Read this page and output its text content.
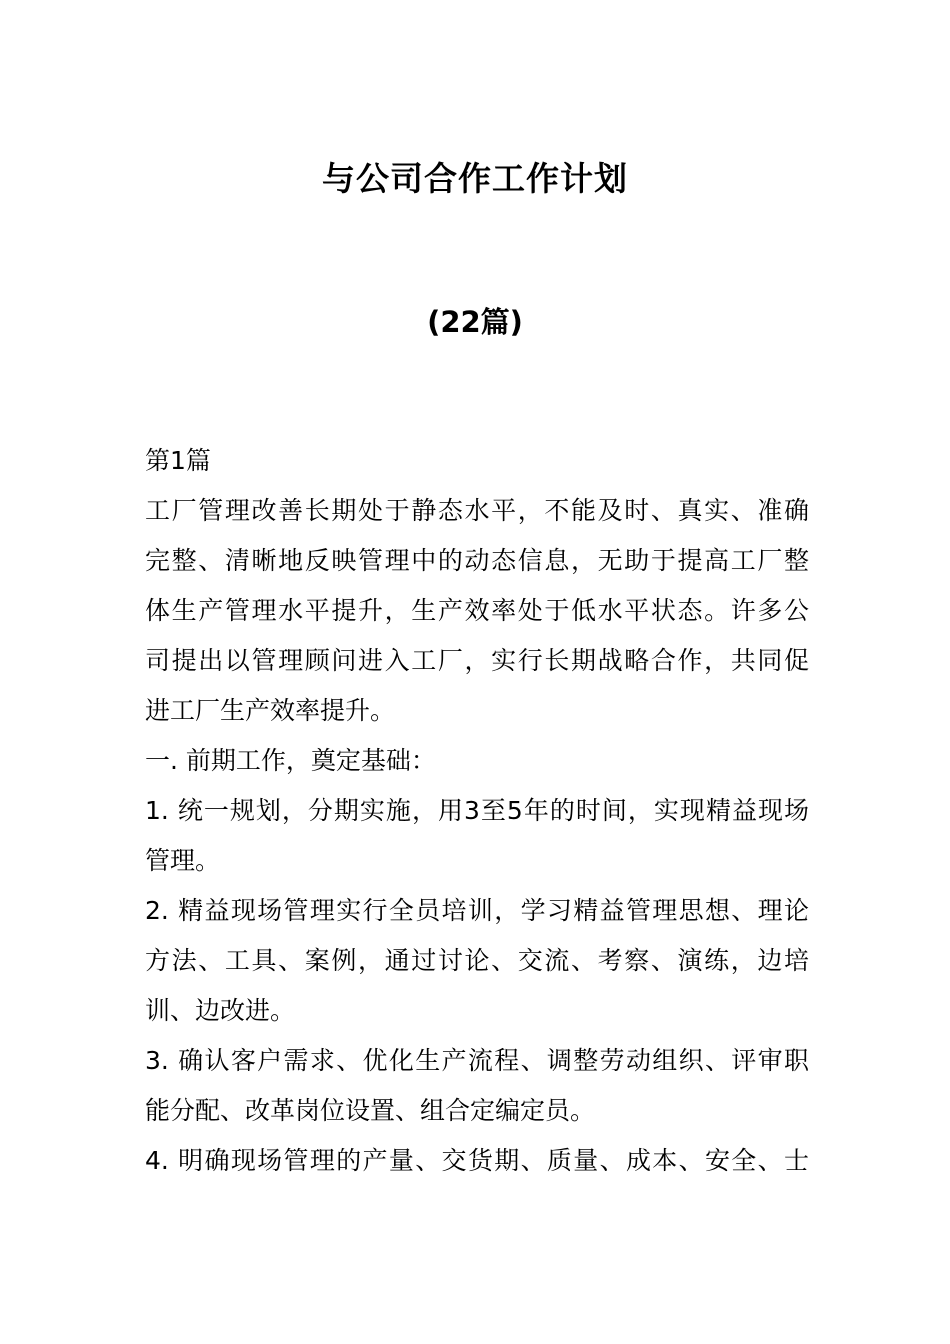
与公司合作工作计划
(22篇)
第1篇
工厂管理改善长期处于静态水平，不能及时、真实、准确
完整、清晰地反映管理中的动态信息，无助于提高工厂整
体生产管理水平提升，生产效率处于低水平状态。许多公
司提出以管理顾问进入工厂，实行长期战略合作，共同促
进工厂生产效率提升。
一. 前期工作，奠定基础：
1. 统一规划，分期实施，用3至5年的时间，实现精益现场
管理。
2. 精益现场管理实行全员培训，学习精益管理思想、理论
方法、工具、案例，通过讨论、交流、考察、演练，边培
训、边改进。
3. 确认客户需求、优化生产流程、调整劳动组织、评审职
能分配、改革岗位设置、组合定编定员。
4. 明确现场管理的产量、交货期、质量、成本、安全、士
